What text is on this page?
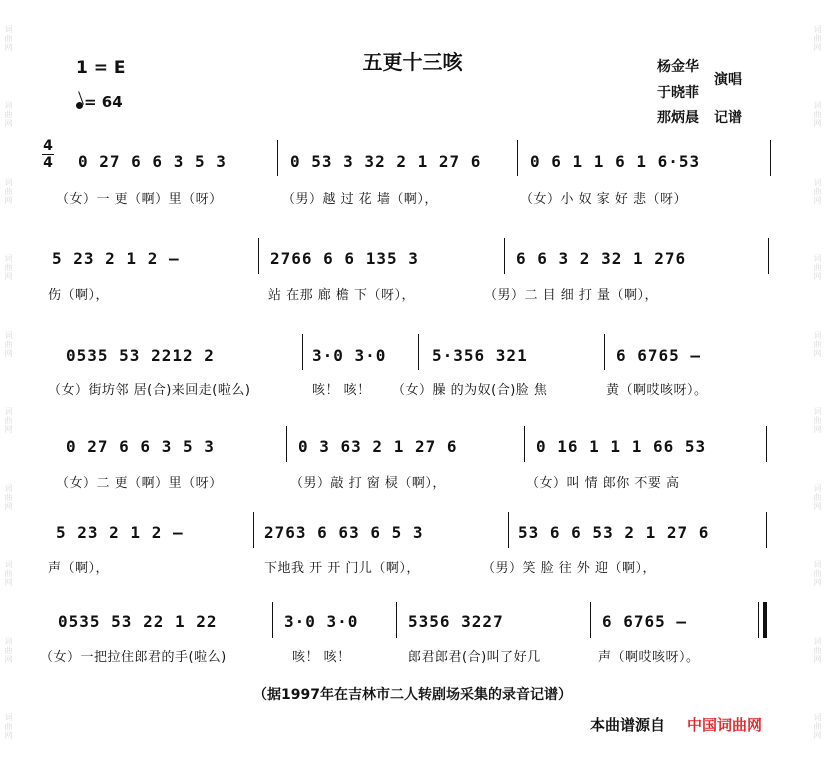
词曲网
词曲网
词曲网
词曲网
词曲网
词曲网
词曲网
词曲网
词曲网
词曲网
词曲网
词曲网
词曲网
词曲网
词曲网
词曲网
词曲网
词曲网
词曲网
词曲网
五更十三咳
1 = E
= 64
杨金华
于晓菲
演唱
那炳晨 记谱
4
4 0 27 6 6 3 5 3
（女）一 更（啊）里（呀）
0 53 3 32 2 1 27 6
（男）越 过 花 墙（啊），
0 6 1 1 6 1 6·53
（女）小 奴 家 好 悲（呀）
5 23 2 1 2 –
伤（啊），
2766 6 6 135 3
站 在那 廊 檐 下（呀），
6 6 3 2 32 1 276
（男）二 目 细 打 量（啊），
0535 53 2212 2
（女）街坊邻 居(合)来回走(啦么)
3·0 3·0
咳！ 咳！
5·356 321
（女）臊 的为奴(合)脸 焦
6 6765 –
黄（啊哎咳呀）。
0 27 6 6 3 5 3
（女）二 更（啊）里（呀）
0 3 63 2 1 27 6
（男）敲 打 窗 棂（啊），
0 16 1 1 1 66 53
（女）叫 情 郎你 不要 高
5 23 2 1 2 –
声（啊），
2763 6 63 6 5 3
下地我 开 开 门儿（啊），
53 6 6 53 2 1 27 6
（男）笑 脸 往 外 迎（啊），
0535 53 22 1 22
（女）一把拉住郎君的手(啦么)
3·0 3·0
咳！ 咳！
5356 3227
郎君郎君(合)叫了好几
6 6765 –
声（啊哎咳呀）。
（据1997年在吉林市二人转剧场采集的录音记谱）
本曲谱源自 中国词曲网
